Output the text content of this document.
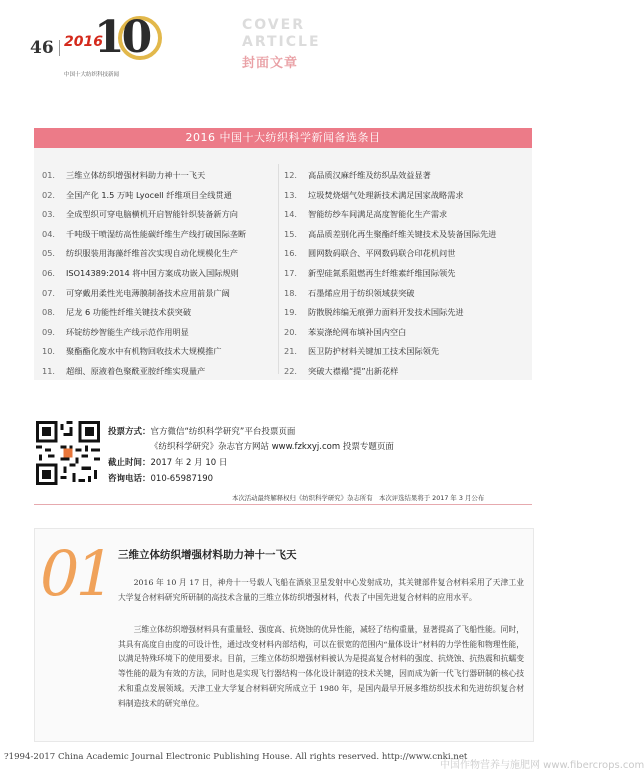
46 10
2016
中国十大纺织科技新闻
COVER
ARTICLE
封面文章
2016 中国十大纺织科学新闻备选条目
01. 三维立体纺织增强材料助力神十一飞天
02. 全国产化 1.5 万吨 Lyocell 纤维项目全线贯通
03. 全成型织可穿电脑横机开启智能针织装备新方向
04. 千吨级干喷湿纺高性能碳纤维生产线打破国际垄断
05. 纺织服装用海藻纤维首次实现自动化规模化生产
06. ISO14389:2014 将中国方案成功嵌入国际规则
07. 可穿戴用柔性光电薄膜制备技术应用前景广阔
08. 尼龙 6 功能性纤维关键技术获突破
09. 环锭纺纱智能生产线示范作用明显
10. 聚酯酯化废水中有机物回收技术大规模推广
11. 超细、原液着色聚酰亚胺纤维实现量产
12. 高品质汉麻纤维及纺织品效益显著
13. 垃圾焚烧烟气处理新技术满足国家战略需求
14. 智能纺纱车间满足高度智能化生产需求
15. 高品质差别化再生聚酯纤维关键技术及装备国际先进
16. 圆网数码联合、平网数码联合印花机问世
17. 新型硅氮系阻燃再生纤维素纤维国际领先
18. 石墨烯应用于纺织领域获突破
19. 防散脱纬编无痕弹力面料开发技术国际先进
20. 苯炭涤纶网布填补国内空白
21. 医卫防护材料关键加工技术国际领先
22. 突破大襟褟“提”出新花样
投票方式：官方微信“纺织科学研究”平台投票页面
《纺织科学研究》杂志官方网站 www.fzkxyj.com 投票专题页面
截止时间：2017 年 2 月 10 日
咨询电话：010-65987190
本次活动最终解释权归《纺织科学研究》杂志所有　本次评选结果将于 2017 年 3 月公布
01 三维立体纺织增强材料助力神十一飞天
2016 年 10 月 17 日，神舟十一号载人飞船在酒泉卫星发射中心发射成功，其关键部件复合材料采用了天津工业大学复合材料研究所研制的高技术含量的三维立体纺织增强材料，代表了中国先进复合材料的应用水平。
三维立体纺织增强材料具有重量轻、强度高、抗烧蚀的优异性能，减轻了结构重量，显著提高了飞船性能。同时，其具有高度自由度的可设计性，通过改变材料内部结构，可以在很宽的范围内“量体设计”材料的力学性能和物理性能，以满足特殊环境下的使用要求。目前，三维立体纺织增强材料被认为是提高复合材料的强度、抗烧蚀、抗热震和抗蠕变等性能的最为有效的方法，同时也是实现飞行器结构一体化设计制造的技术关键，因而成为新一代飞行器研制的核心技术和重点发展领域。天津工业大学复合材料研究所成立于 1980 年，是国内最早开展多维纺织技术和先进纺织复合材料制造技术的研究单位。
?1994-2017 China Academic Journal Electronic Publishing House. All rights reserved. http://www.cnki.net
中国作物营养与施肥网 www.fibercrops.com
